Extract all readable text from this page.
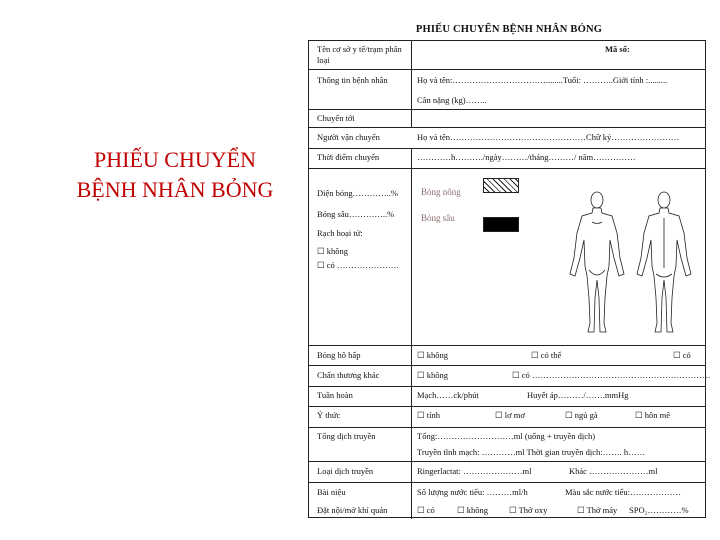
PHIẾU CHUYỂN
BỆNH NHÂN BỎNG
PHIẾU CHUYỂN BỆNH NHÂN BỎNG
Tên cơ sở y tế/trạm phân loại
Mã số:
Thông tin bệnh nhân	Họ và tên:……………………………........Tuổi: ………..Giới tính :.........
Cân nặng (kg)……..
Chuyển tới
Người vận chuyển	Họ và tên…………………………………………Chữ ký……………………
Thời điểm chuyển	…………h………./ngày………/tháng………/ năm……………
Diện bỏng…………..%
Bỏng sâu…………..%
Rạch hoại tử:
☐ không
☐ có ………………….
Bỏng nông
Bỏng sâu
Bỏng hô hấp	☐ không	☐ có thể	☐ có
Chấn thương khác	☐ không	☐ có ………………………………………………………
Tuần hoàn	Mạch……ck/phút	Huyết áp………/…….mmHg
Ý thức	☐ tỉnh	☐ lơ mơ	☐ ngủ gà	☐ hôn mê
Tổng dịch truyền	Tổng:………………………ml (uống + truyền dịch)
Truyền tĩnh mạch: …………ml Thời gian truyền dịch:……. h……
Loại dịch truyền	Ringerlactat: …………………ml	Khác …………………ml
Bài niệu	Số lượng nước tiểu: ………ml/h	Màu sắc nước tiểu:………………
Đặt nội/mở khí quản	☐ có	☐ không ☐ Thở oxy	☐ Thở máy SPO₂…………%
